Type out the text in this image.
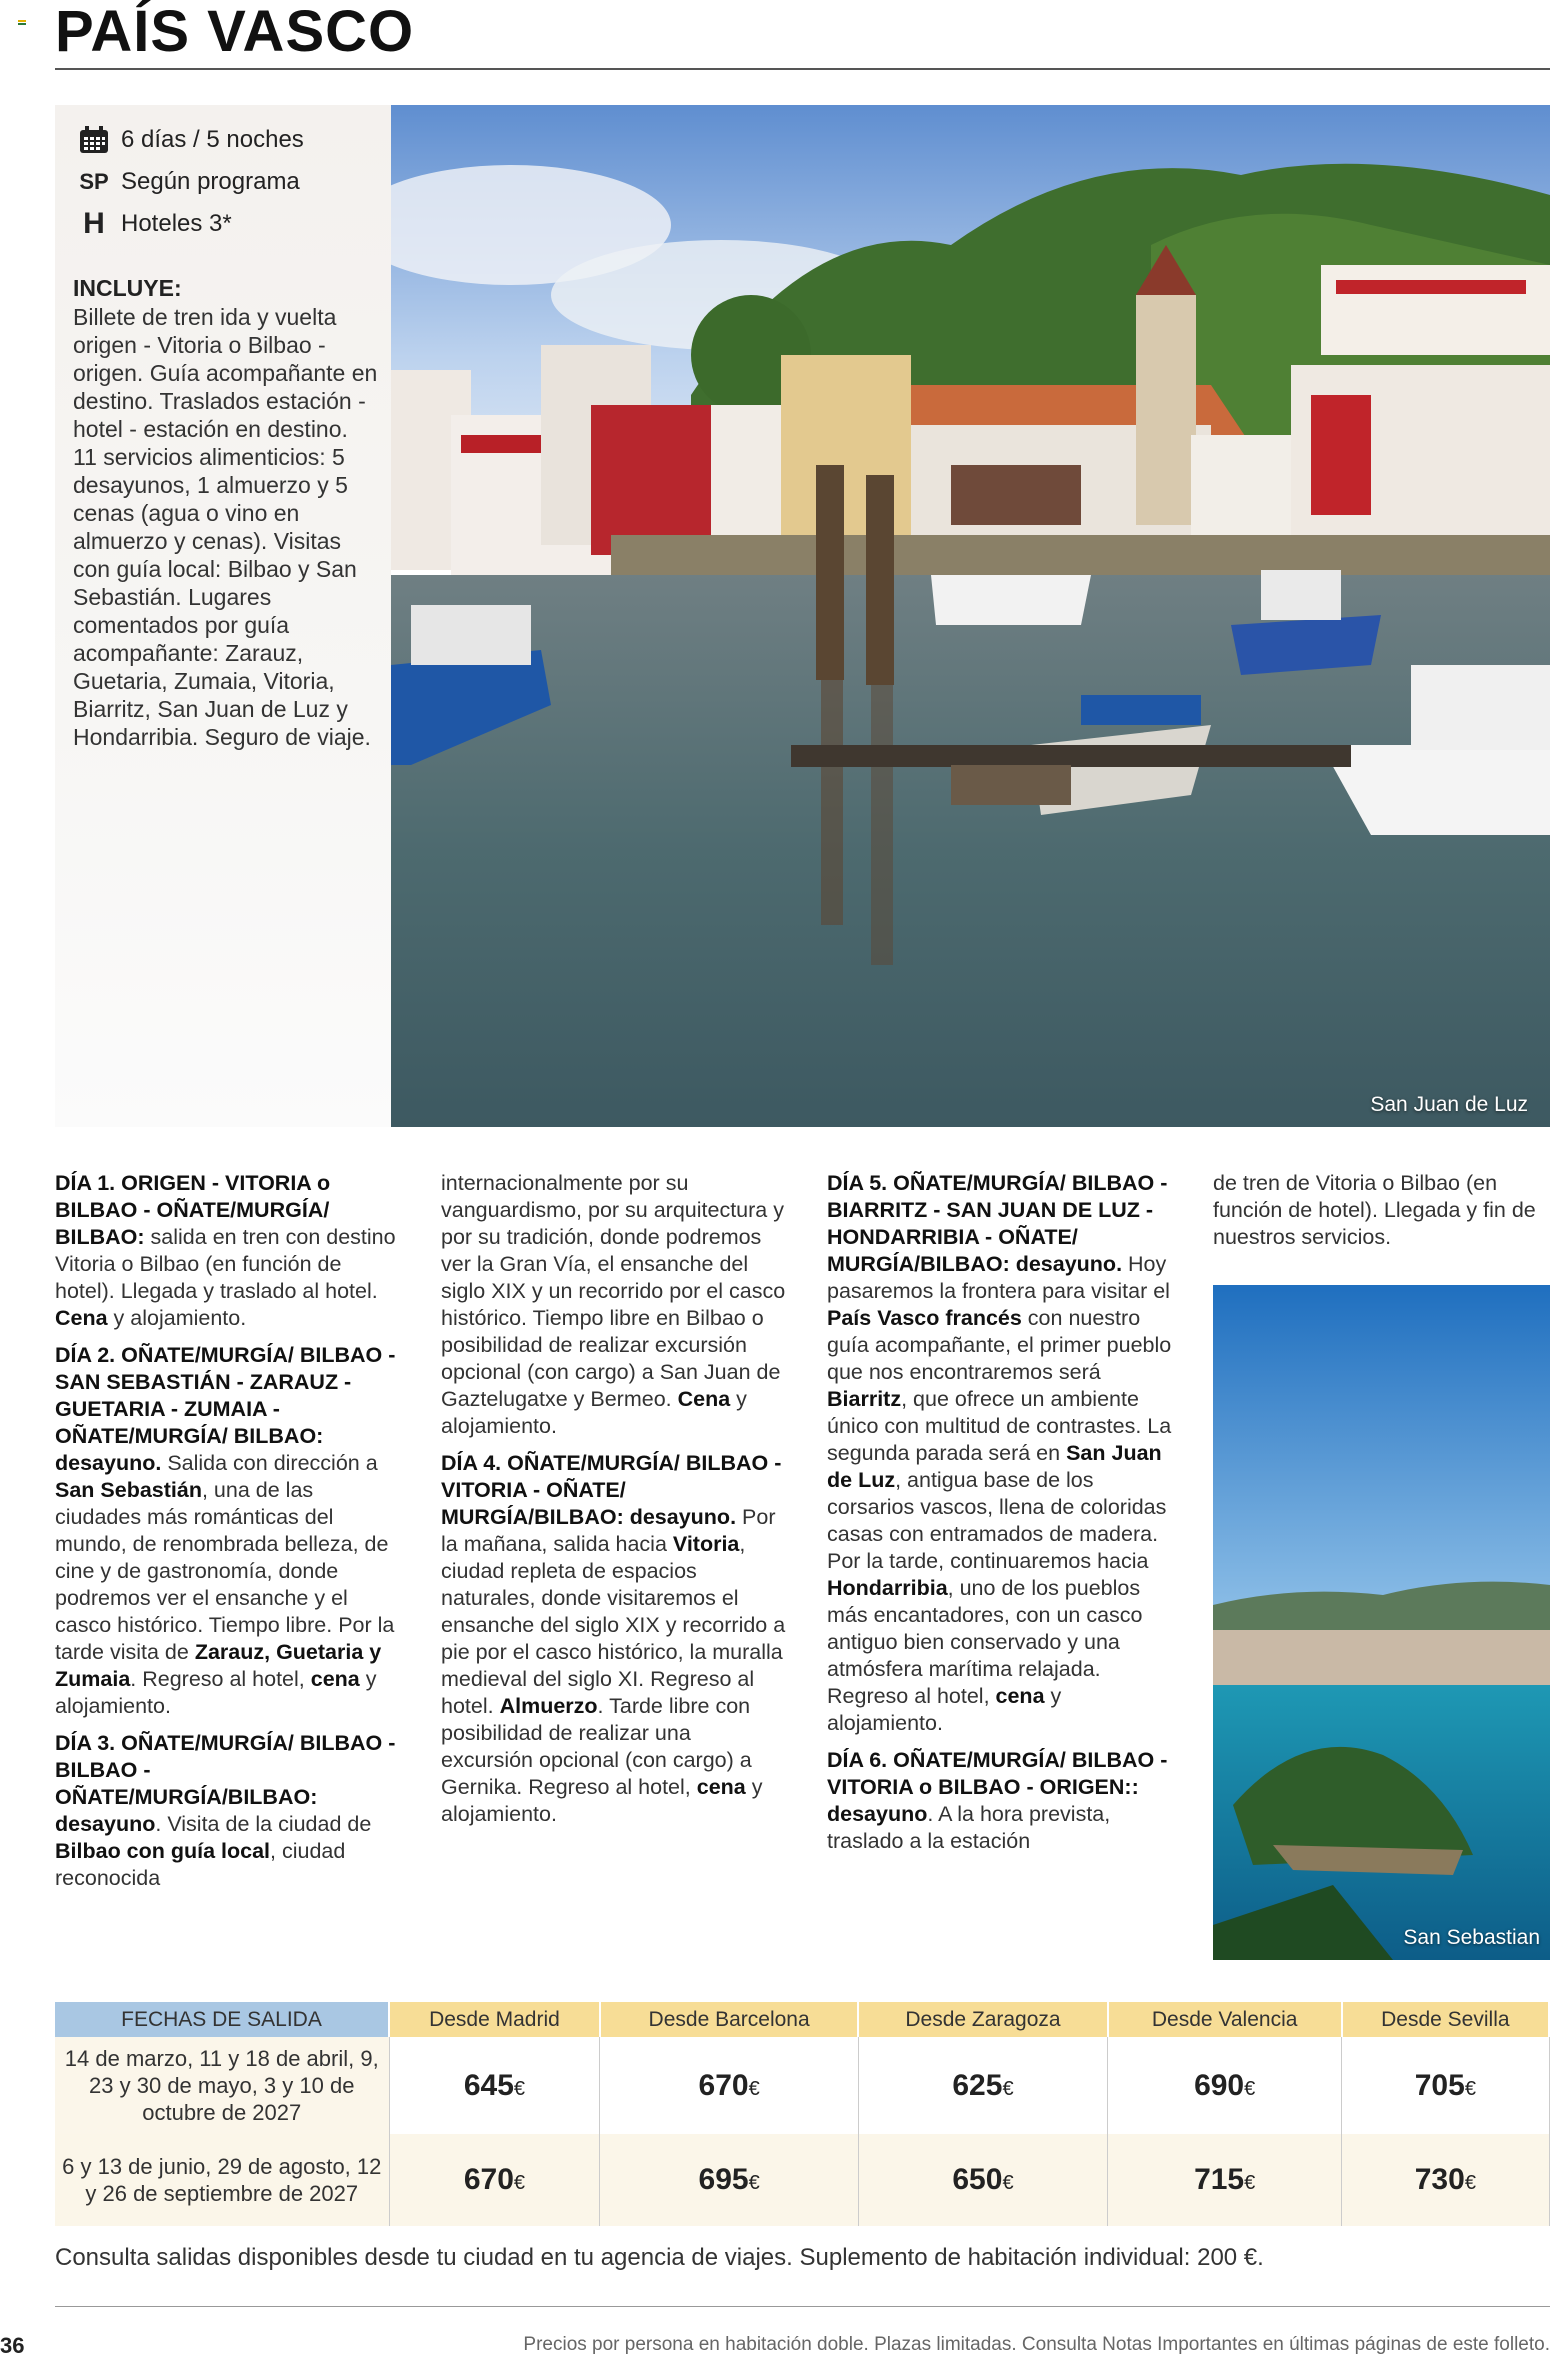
PAÍS VASCO
6 días / 5 noches
SP Según programa
H Hoteles 3*
INCLUYE:
Billete de tren ida y vuelta origen - Vitoria o Bilbao - origen. Guía acompañante en destino. Traslados estación - hotel - estación en destino. 11 servicios alimenticios: 5 desayunos, 1 almuerzo y 5 cenas (agua o vino en almuerzo y cenas). Visitas con guía local: Bilbao y San Sebastián. Lugares comentados por guía acompañante: Zarauz, Guetaria, Zumaia, Vitoria, Biarritz, San Juan de Luz y Hondarribia. Seguro de viaje.
San Juan de Luz

DÍA 1. ORIGEN - VITORIA o BILBAO - OÑATE/MURGÍA/ BILBAO: salida en tren con destino Vitoria o Bilbao (en función de hotel). Llegada y traslado al hotel. Cena y alojamiento.

DÍA 2. OÑATE/MURGÍA/ BILBAO - SAN SEBASTIÁN - ZARAUZ - GUETARIA - ZUMAIA - OÑATE/MURGÍA/ BILBAO: desayuno. Salida con dirección a San Sebastián, una de las ciudades más románticas del mundo, de renombrada belleza, de cine y de gastronomía, donde podremos ver el ensanche y el casco histórico. Tiempo libre. Por la tarde visita de Zarauz, Guetaria y Zumaia. Regreso al hotel, cena y alojamiento.

DÍA 3. OÑATE/MURGÍA/ BILBAO - BILBAO - OÑATE/MURGÍA/BILBAO: desayuno. Visita de la ciudad de Bilbao con guía local, ciudad reconocida

internacionalmente por su vanguardismo, por su arquitectura y por su tradición, donde podremos ver la Gran Vía, el ensanche del siglo XIX y un recorrido por el casco histórico. Tiempo libre en Bilbao o posibilidad de realizar excursión opcional (con cargo) a San Juan de Gaztelugatxe y Bermeo. Cena y alojamiento.

DÍA 4. OÑATE/MURGÍA/ BILBAO - VITORIA - OÑATE/ MURGÍA/BILBAO: desayuno. Por la mañana, salida hacia Vitoria, ciudad repleta de espacios naturales, donde visitaremos el ensanche del siglo XIX y recorrido a pie por el casco histórico, la muralla medieval del siglo XI. Regreso al hotel. Almuerzo. Tarde libre con posibilidad de realizar una excursión opcional (con cargo) a Gernika. Regreso al hotel, cena y alojamiento.

DÍA 5. OÑATE/MURGÍA/ BILBAO - BIARRITZ - SAN JUAN DE LUZ - HONDARRIBIA - OÑATE/ MURGÍA/BILBAO: desayuno. Hoy pasaremos la frontera para visitar el País Vasco francés con nuestro guía acompañante, el primer pueblo que nos encontraremos será Biarritz, que ofrece un ambiente único con multitud de contrastes. La segunda parada será en San Juan de Luz, antigua base de los corsarios vascos, llena de coloridas casas con entramados de madera. Por la tarde, continuaremos hacia Hondarribia, uno de los pueblos más encantadores, con un casco antiguo bien conservado y una atmósfera marítima relajada. Regreso al hotel, cena y alojamiento.

DÍA 6. OÑATE/MURGÍA/ BILBAO - VITORIA o BILBAO - ORIGEN:: desayuno. A la hora prevista, traslado a la estación

de tren de Vitoria o Bilbao (en función de hotel). Llegada y fin de nuestros servicios.

San Sebastian
FECHAS DE SALIDA	Desde Madrid	Desde Barcelona	Desde Zaragoza	Desde Valencia	Desde Sevilla
14 de marzo, 11 y 18 de abril, 9, 23 y 30 de mayo, 3 y 10 de octubre de 2027	645€	670€	625€	690€	705€
6 y 13 de junio, 29 de agosto, 12 y 26 de septiembre de 2027	670€	695€	650€	715€	730€
Consulta salidas disponibles desde tu ciudad en tu agencia de viajes. Suplemento de habitación individual: 200 €.
36	Precios por persona en habitación doble. Plazas limitadas. Consulta Notas Importantes en últimas páginas de este folleto.
